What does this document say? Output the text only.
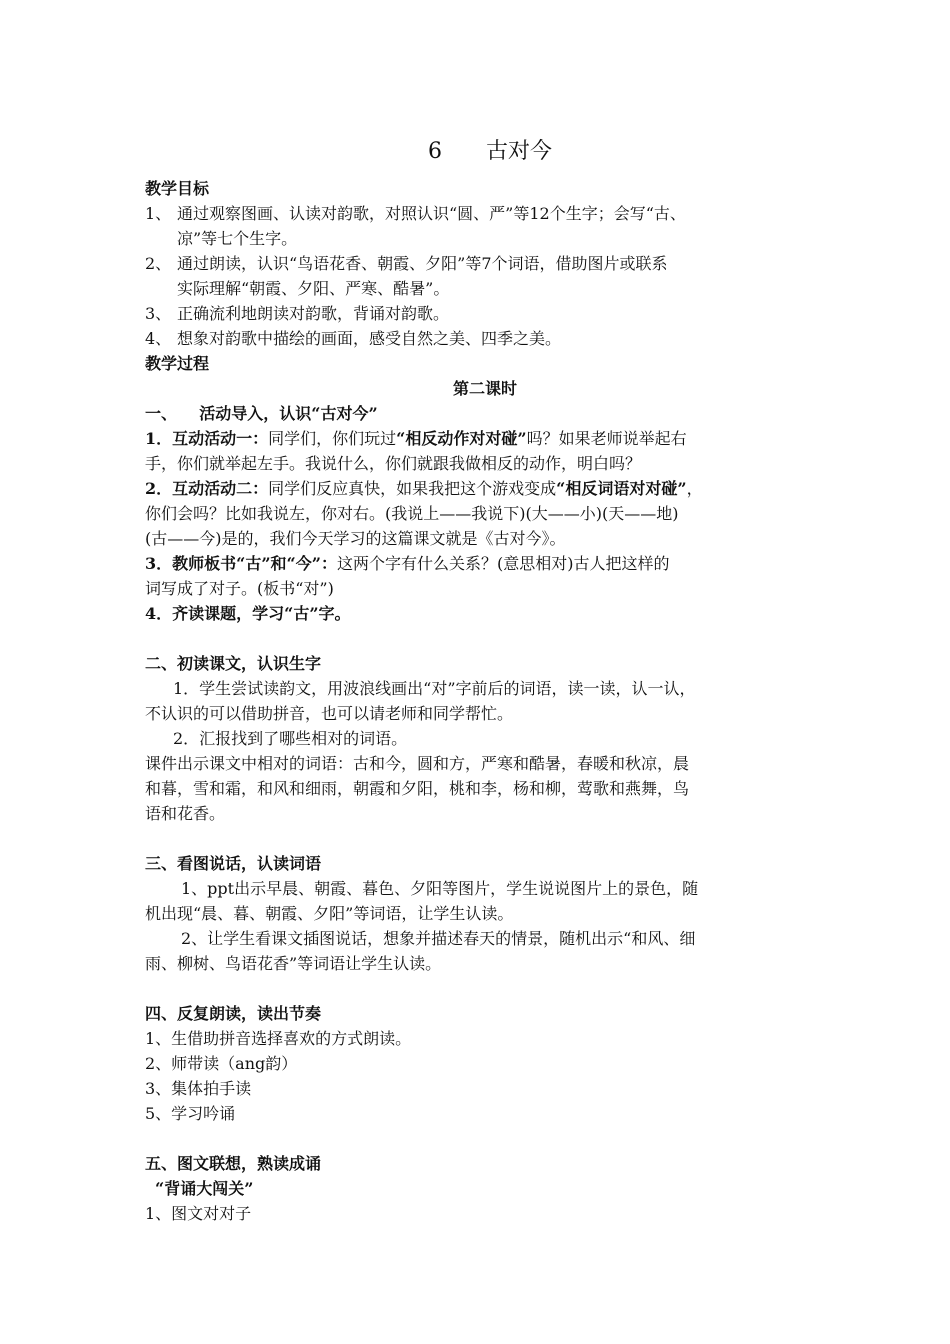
6 古对今
教学目标
1、 通过观察图画、认读对韵歌，对照认识“圆、严”等12个生字；会写“古、
凉”等七个生字。
2、 通过朗读，认识“鸟语花香、朝霞、夕阳”等7个词语，借助图片或联系
实际理解“朝霞、夕阳、严寒、酷暑”。
3、 正确流利地朗读对韵歌，背诵对韵歌。
4、 想象对韵歌中描绘的画面，感受自然之美、四季之美。
教学过程
第二课时
一、    活动导入，认识“古对今”
1．互动活动一：同学们，你们玩过“相反动作对对碰”吗？如果老师说举起右
手，你们就举起左手。我说什么，你们就跟我做相反的动作，明白吗？
2．互动活动二：同学们反应真快，如果我把这个游戏变成“相反词语对对碰”，
你们会吗？比如我说左，你对右。(我说上——我说下)(大——小)(天——地)
(古——今)是的，我们今天学习的这篇课文就是《古对今》。
3．教师板书“古”和“今”：这两个字有什么关系？(意思相对)古人把这样的
词写成了对子。(板书“对”)
4．齐读课题，学习“古”字。
二、初读课文，认识生字
1．学生尝试读韵文，用波浪线画出“对”字前后的词语，读一读，认一认，
不认识的可以借助拼音，也可以请老师和同学帮忙。
2．汇报找到了哪些相对的词语。
课件出示课文中相对的词语：古和今，圆和方，严寒和酷暑，春暖和秋凉，晨
和暮，雪和霜，和风和细雨，朝霞和夕阳，桃和李，杨和柳，莺歌和燕舞，鸟
语和花香。
三、看图说话，认读词语
1、ppt出示早晨、朝霞、暮色、夕阳等图片，学生说说图片上的景色，随
机出现“晨、暮、朝霞、夕阳”等词语，让学生认读。
2、让学生看课文插图说话，想象并描述春天的情景，随机出示“和风、细
雨、柳树、鸟语花香”等词语让学生认读。
四、反复朗读，读出节奏
1、生借助拼音选择喜欢的方式朗读。
2、师带读（ang韵）
3、集体拍手读
5、学习吟诵
五、图文联想，熟读成诵
“背诵大闯关”
1、图文对对子
